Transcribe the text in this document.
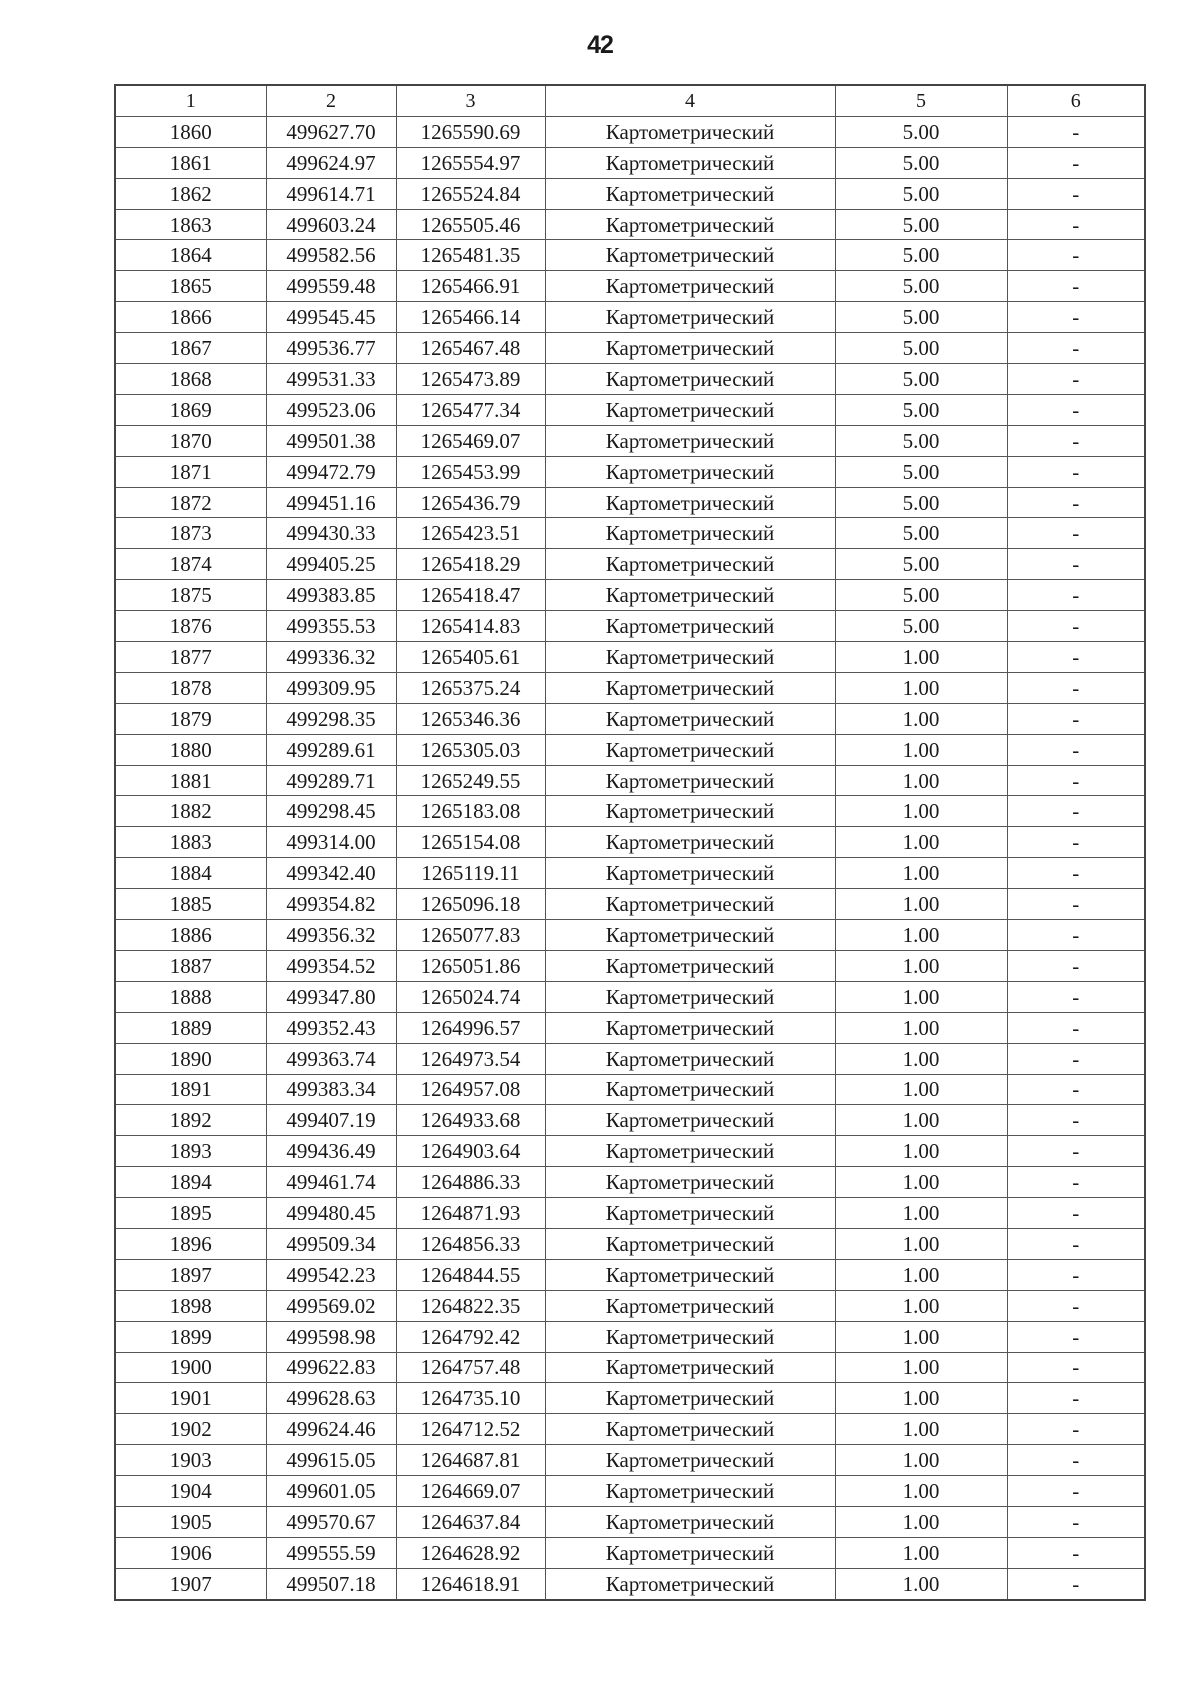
42
1	2	3	4	5	6
1860	499627.70	1265590.69	Картометрический	5.00	-
1861	499624.97	1265554.97	Картометрический	5.00	-
1862	499614.71	1265524.84	Картометрический	5.00	-
1863	499603.24	1265505.46	Картометрический	5.00	-
1864	499582.56	1265481.35	Картометрический	5.00	-
1865	499559.48	1265466.91	Картометрический	5.00	-
1866	499545.45	1265466.14	Картометрический	5.00	-
1867	499536.77	1265467.48	Картометрический	5.00	-
1868	499531.33	1265473.89	Картометрический	5.00	-
1869	499523.06	1265477.34	Картометрический	5.00	-
1870	499501.38	1265469.07	Картометрический	5.00	-
1871	499472.79	1265453.99	Картометрический	5.00	-
1872	499451.16	1265436.79	Картометрический	5.00	-
1873	499430.33	1265423.51	Картометрический	5.00	-
1874	499405.25	1265418.29	Картометрический	5.00	-
1875	499383.85	1265418.47	Картометрический	5.00	-
1876	499355.53	1265414.83	Картометрический	5.00	-
1877	499336.32	1265405.61	Картометрический	1.00	-
1878	499309.95	1265375.24	Картометрический	1.00	-
1879	499298.35	1265346.36	Картометрический	1.00	-
1880	499289.61	1265305.03	Картометрический	1.00	-
1881	499289.71	1265249.55	Картометрический	1.00	-
1882	499298.45	1265183.08	Картометрический	1.00	-
1883	499314.00	1265154.08	Картометрический	1.00	-
1884	499342.40	1265119.11	Картометрический	1.00	-
1885	499354.82	1265096.18	Картометрический	1.00	-
1886	499356.32	1265077.83	Картометрический	1.00	-
1887	499354.52	1265051.86	Картометрический	1.00	-
1888	499347.80	1265024.74	Картометрический	1.00	-
1889	499352.43	1264996.57	Картометрический	1.00	-
1890	499363.74	1264973.54	Картометрический	1.00	-
1891	499383.34	1264957.08	Картометрический	1.00	-
1892	499407.19	1264933.68	Картометрический	1.00	-
1893	499436.49	1264903.64	Картометрический	1.00	-
1894	499461.74	1264886.33	Картометрический	1.00	-
1895	499480.45	1264871.93	Картометрический	1.00	-
1896	499509.34	1264856.33	Картометрический	1.00	-
1897	499542.23	1264844.55	Картометрический	1.00	-
1898	499569.02	1264822.35	Картометрический	1.00	-
1899	499598.98	1264792.42	Картометрический	1.00	-
1900	499622.83	1264757.48	Картометрический	1.00	-
1901	499628.63	1264735.10	Картометрический	1.00	-
1902	499624.46	1264712.52	Картометрический	1.00	-
1903	499615.05	1264687.81	Картометрический	1.00	-
1904	499601.05	1264669.07	Картометрический	1.00	-
1905	499570.67	1264637.84	Картометрический	1.00	-
1906	499555.59	1264628.92	Картометрический	1.00	-
1907	499507.18	1264618.91	Картометрический	1.00	-
